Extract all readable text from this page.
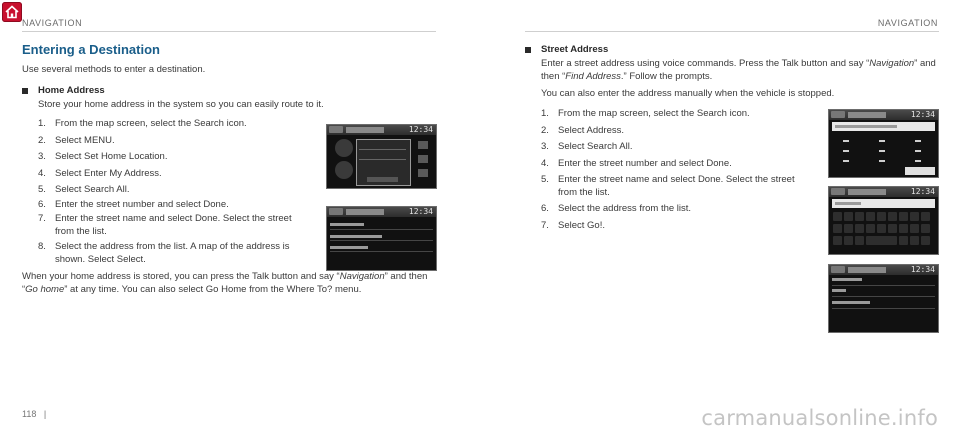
NAVIGATION	NAVIGATION
Entering a Destination

Use several methods to enter a destination.

Home Address

Store your home address in the system so you can easily route to it.

1. From the map screen, select the Search icon.
2. Select MENU.
3. Select Set Home Location.
4. Select Enter My Address.
5. Select Search All.
6. Enter the street number and select Done.
7. Enter the street name and select Done. Select the street from the list.
8. Select the address from the list. A map of the address is shown. Select Select.

When your home address is stored, you can press the Talk button and say “Navigation” and then “Go home” at any time. You can also select Go Home from the Where To? menu.

12:34
12:34
Street Address

Enter a street address using voice commands. Press the Talk button and say “Navigation” and then “Find Address.” Follow the prompts.

You can also enter the address manually when the vehicle is stopped.

1. From the map screen, select the Search icon.
2. Select Address.
3. Select Search All.
4. Enter the street number and select Done.
5. Enter the street name and select Done. Select the street from the list.
6. Select the address from the list.
7. Select Go!.
12:34
12:34
12:34
118 |	carmanualsonline.info
